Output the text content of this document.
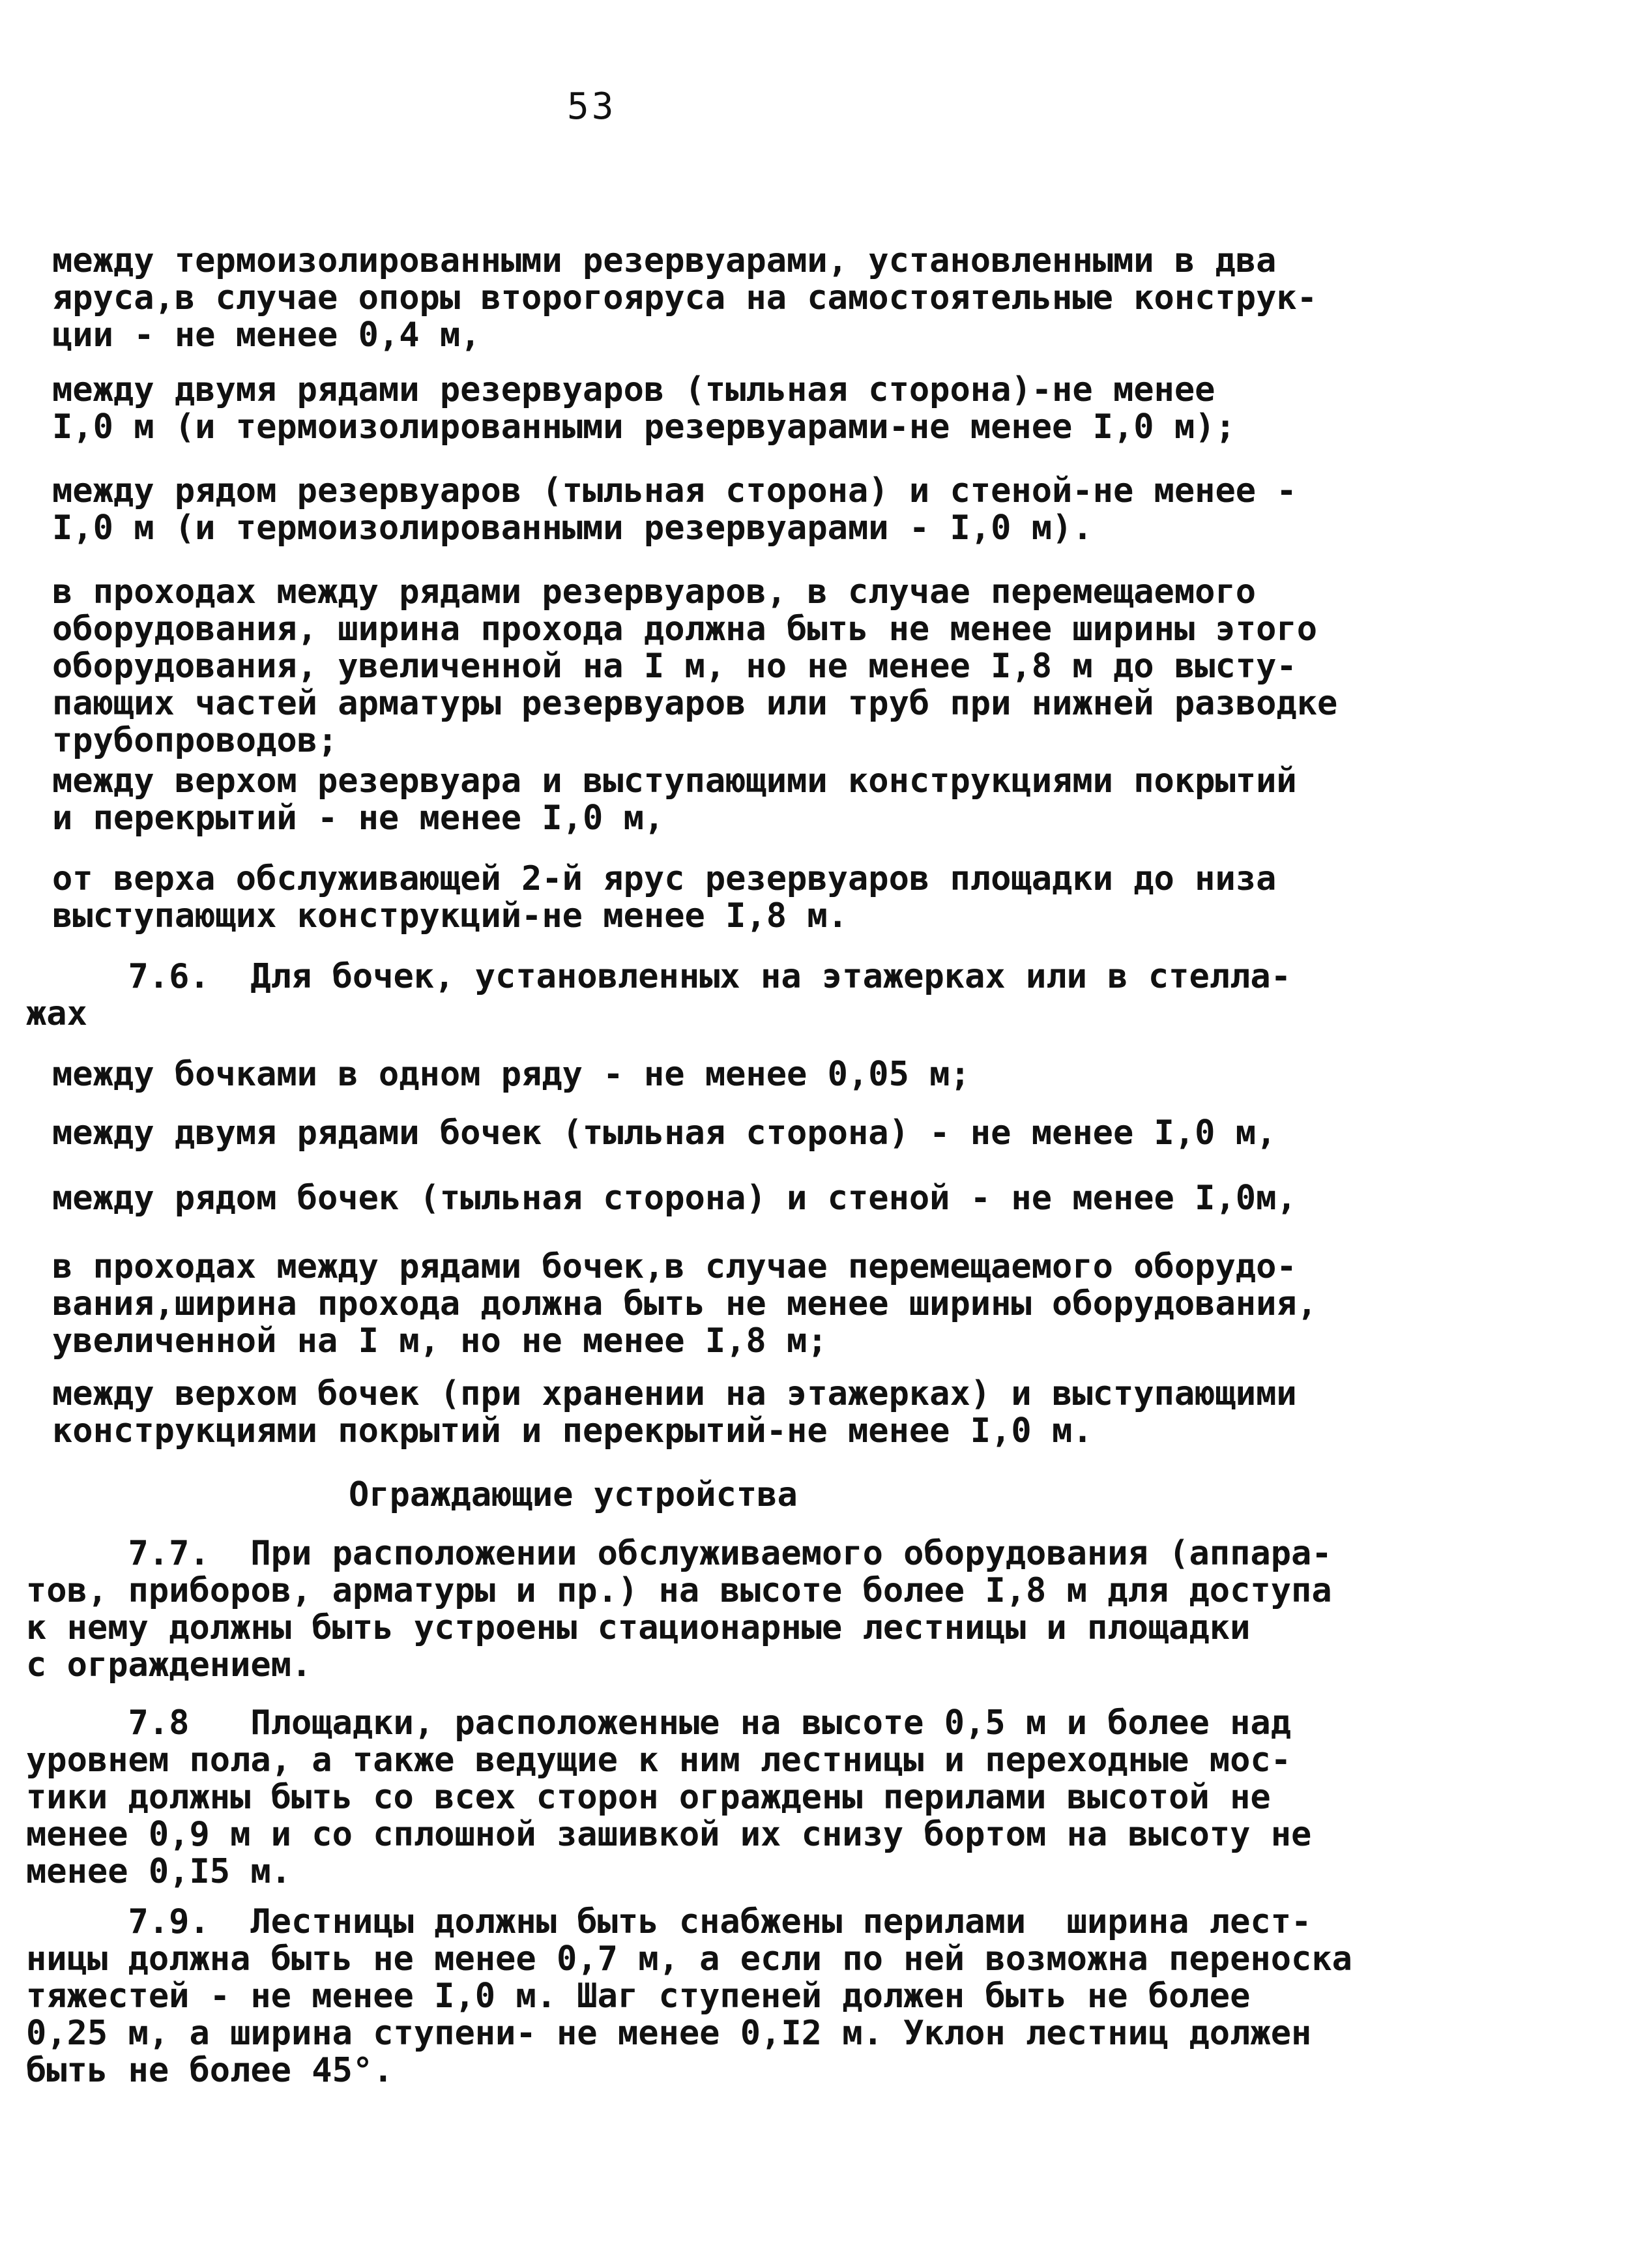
53
между термоизолированными резервуарами, установленными в два
яруса,в случае опоры второгояруса на самостоятельные конструк-
ции - не менее 0,4 м,
между двумя рядами резервуаров (тыльная сторона)-не менее
I,0 м (и термоизолированными резервуарами-не менее I,0 м);
между рядом резервуаров (тыльная сторона) и стеной-не менее -
I,0 м (и термоизолированными резервуарами - I,0 м).
в проходах между рядами резервуаров, в случае перемещаемого
оборудования, ширина прохода должна быть не менее ширины этого
оборудования, увеличенной на I м, но не менее I,8 м до высту-
пающих частей арматуры резервуаров или труб при нижней разводке
трубопроводов;
между верхом резервуара и выступающими конструкциями покрытий
и перекрытий - не менее I,0 м,
от верха обслуживающей 2-й ярус резервуаров площадки до низа
выступающих конструкций-не менее I,8 м.
7.6.  Для бочек, установленных на этажерках или в стелла-
жах
между бочками в одном ряду - не менее 0,05 м;
между двумя рядами бочек (тыльная сторона) - не менее I,0 м,
между рядом бочек (тыльная сторона) и стеной - не менее I,0м,
в проходах между рядами бочек,в случае перемещаемого оборудо-
вания,ширина прохода должна быть не менее ширины оборудования,
увеличенной на I м, но не менее I,8 м;
между верхом бочек (при хранении на этажерках) и выступающими
конструкциями покрытий и перекрытий-не менее I,0 м.
Ограждающие устройства
7.7.  При расположении обслуживаемого оборудования (аппара-
тов, приборов, арматуры и пр.) на высоте более I,8 м для доступа
к нему должны быть устроены стационарные лестницы и площадки
с ограждением.
7.8   Площадки, расположенные на высоте 0,5 м и более над
уровнем пола, а также ведущие к ним лестницы и переходные мос-
тики должны быть со всех сторон ограждены перилами высотой не
менее 0,9 м и со сплошной зашивкой их снизу бортом на высоту не
менее 0,I5 м.
7.9.  Лестницы должны быть снабжены перилами  ширина лест-
ницы должна быть не менее 0,7 м, а если по ней возможна переноска
тяжестей - не менее I,0 м. Шаг ступеней должен быть не более
0,25 м, а ширина ступени- не менее 0,I2 м. Уклон лестниц должен
быть не более 45°.
